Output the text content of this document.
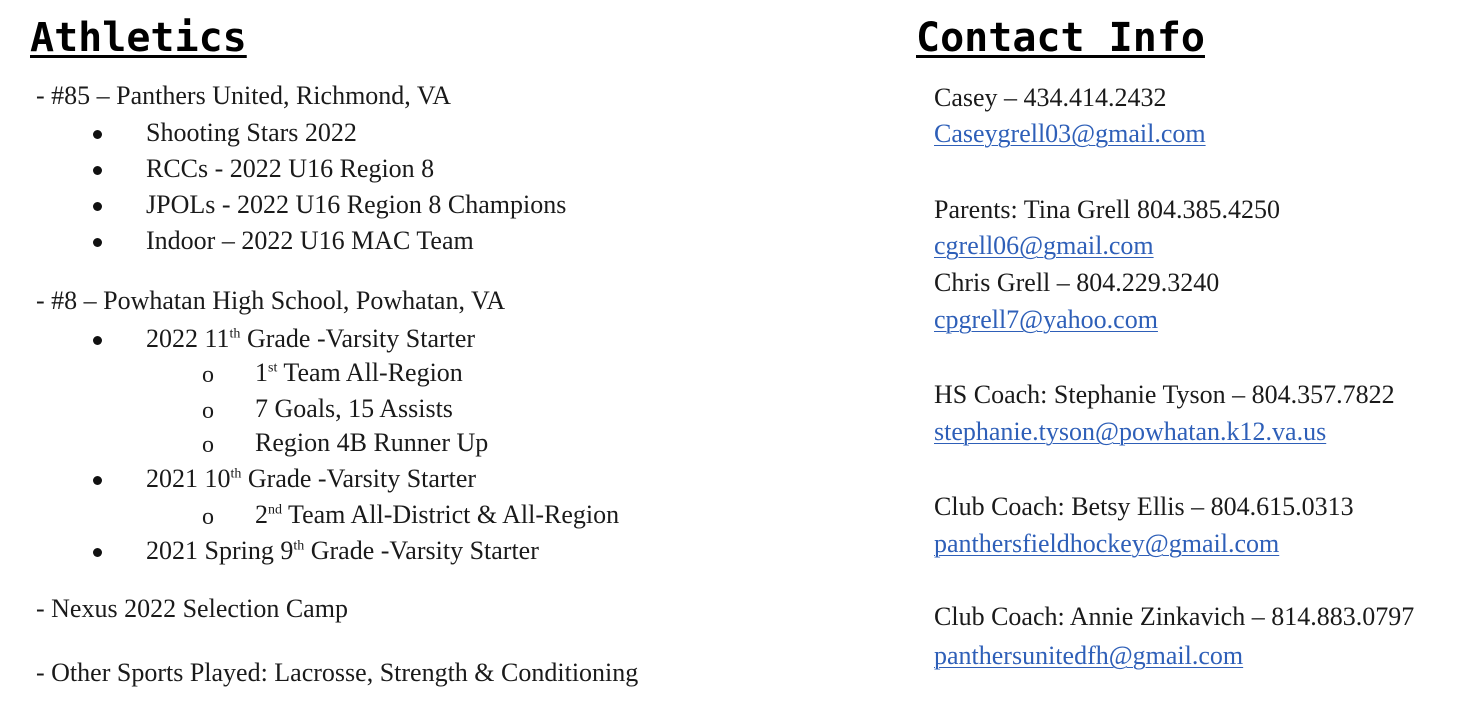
Athletics
- #85 – Panthers United, Richmond, VA
Shooting Stars 2022
RCCs - 2022 U16 Region 8
JPOLs - 2022 U16 Region 8 Champions
Indoor – 2022 U16 MAC Team
- #8 – Powhatan High School, Powhatan, VA
2022 11th Grade -Varsity Starter
o 1st Team All-Region
o 7 Goals, 15 Assists
o Region 4B Runner Up
2021 10th Grade -Varsity Starter
o 2nd Team All-District & All-Region
2021 Spring 9th Grade -Varsity Starter
- Nexus 2022 Selection Camp
- Other Sports Played: Lacrosse, Strength & Conditioning
Contact Info
Casey – 434.414.2432
Caseygrell03@gmail.com
Parents: Tina Grell 804.385.4250
cgrell06@gmail.com
Chris Grell – 804.229.3240
cpgrell7@yahoo.com
HS Coach: Stephanie Tyson – 804.357.7822
stephanie.tyson@powhatan.k12.va.us
Club Coach: Betsy Ellis – 804.615.0313
panthersfieldhockey@gmail.com
Club Coach: Annie Zinkavich – 814.883.0797
panthersunitedfh@gmail.com
